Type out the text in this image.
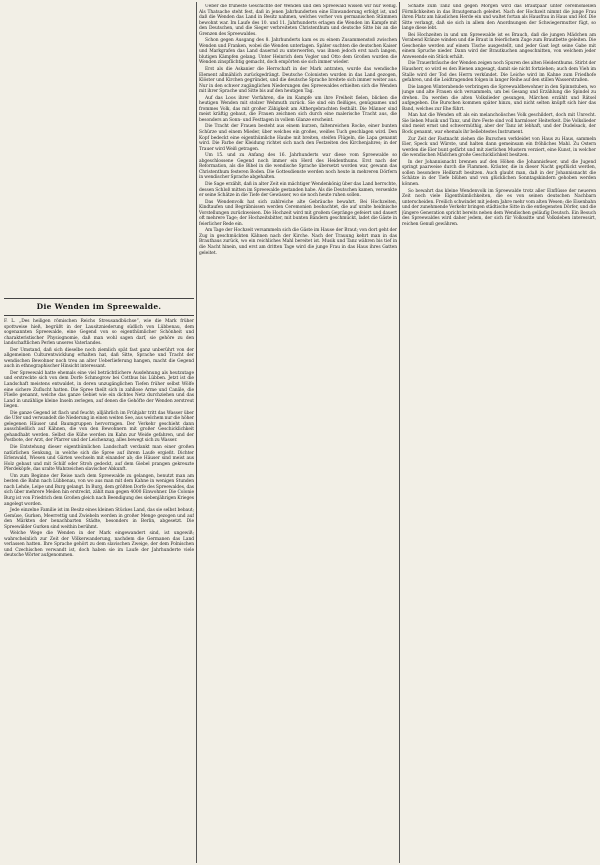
Die Wenden im Spreewalde.

F. L. „Des heiligen römischen Reichs Streusandbüchse“, wie die Mark früher spottweise hieß, begrüßt in der Lausitzniederung südlich von Lübbenau, dem sogenannten Spreewalde, eine Gegend von so eigenthümlicher Schönheit und charakteristischer Physiognomie, daß man wohl sagen darf, sie gehöre zu den landschaftlichen Perlen unseres Vaterlandes.

Der Umstand, daß sich dieselbe noch ziemlich spät fast ganz unberührt von der allgemeinen Culturentwicklung erhalten hat, daß Sitte, Sprache und Tracht der wendischen Bewohner noch treu an alter Ueberlieferung hangen, macht die Gegend auch in ethnographischer Hinsicht interessant.

Der Spreewald hatte ehemals eine viel beträchtlichere Ausdehnung als heutzutage und erstreckte sich von dem Dorfe Schmogrow bei Cottbus bis Lübben. Jetzt ist die Landschaft meistens entwaldet, in deren unzugänglichen Tiefen früher selbst Wölfe eine sichere Zuflucht hatten. Die Spree theilt sich in zahllose Arme und Canäle, die Fließe genannt, welche das ganze Gebiet wie ein dichtes Netz durchziehen und das Land in unzählige kleine Inseln zerlegen, auf denen die Gehöfte der Wenden zerstreut liegen.

Die ganze Gegend ist flach und feucht; alljährlich im Frühjahr tritt das Wasser über die Ufer und verwandelt die Niederung in einen weiten See, aus welchem nur die höher gelegenen Häuser und Baumgruppen hervorragen. Der Verkehr geschieht dann ausschließlich auf Kähnen, die von den Bewohnern mit großer Geschicklichkeit gehandhabt werden. Selbst die Kühe werden im Kahn zur Weide gefahren, und der Postbote, der Arzt, der Pfarrer und der Leichenzug, alles bewegt sich zu Wasser.

Die Entstehung dieser eigenthümlichen Landschaft verdankt man einer großen natürlichen Senkung, in welche sich die Spree auf ihrem Laufe ergießt. Dichter Erlenwald, Wiesen und Gärten wechseln mit einander ab; die Häuser sind meist aus Holz gebaut und mit Schilf oder Stroh gedeckt, auf dem Giebel prangen gekreuzte Pferdeköpfe, das uralte Wahrzeichen slavischer Abkunft.

Um zum Beginne der Reise nach dem Spreewalde zu gelangen, benutzt man am besten die Bahn nach Lübbenau, von wo aus man mit dem Kahne in wenigen Stunden nach Lehde, Leipe und Burg gelangt. In Burg, dem größten Dorfe des Spreewaldes, das sich über mehrere Meilen hin erstreckt, zählt man gegen 4000 Einwohner. Die Colonie Burg ist von Friedrich dem Großen gleich nach Beendigung des siebenjährigen Krieges angelegt worden.

Jede einzelne Familie ist im Besitz eines kleinen Stückes Land, das sie selbst bebaut; Gemüse, Gurken, Meerrettig und Zwiebeln werden in großer Menge gezogen und auf den Märkten der benachbarten Städte, besonders in Berlin, abgesetzt. Die Spreewälder Gurken sind weithin berühmt.

Welche Wege die Wenden in der Mark eingewandert sind, ist ungewiß; wahrscheinlich zur Zeit der Völkerwanderung, nachdem die Germanen das Land verlassen hatten. Ihre Sprache gehört zu dem slavischen Zweige, der dem Polnischen und Czechischen verwandt ist, doch haben sie im Laufe der Jahrhunderte viele deutsche Wörter aufgenommen.

Ueber die früheste Geschichte der Wenden und den Spreewald wissen wir nur wenig. Als Thatsache steht fest, daß in jenen Jahrhunderten eine Einwanderung erfolgt ist, und daß die Wenden das Land in Besitz nahmen, welches vorher von germanischen Stämmen bewohnt war. Im Laufe des 10. und 11. Jahrhunderts erlagen die Wenden im Kampfe mit den Deutschen, und die Sieger verbreiteten Christenthum und deutsche Sitte bis an die Grenzen des Spreewaldes.

Schon gegen Ausgang des 8. Jahrhunderts kam es zu einem Zusammenstoß zwischen Wenden und Franken, wobei die Wenden unterlagen. Später suchten die deutschen Kaiser und Markgrafen das Land dauernd zu unterwerfen, was ihnen jedoch erst nach langen, blutigen Kämpfen gelang. Unter Heinrich dem Vogler und Otto dem Großen wurden die Wenden zinspflichtig gemacht, doch empörten sie sich immer wieder.

Erst als die Askanier die Herrschaft in der Mark antraten, wurde das wendische Element allmählich zurückgedrängt. Deutsche Colonisten wurden in das Land gezogen, Klöster und Kirchen gegründet, und die deutsche Sprache breitete sich immer weiter aus. Nur in den schwer zugänglichen Niederungen des Spreewaldes erhielten sich die Wenden mit ihrer Sprache und Sitte bis auf den heutigen Tag.

Auf das Loos ihrer Vorfahren, die im Kampfe um ihre Freiheit fielen, blicken die heutigen Wenden mit stolzer Wehmuth zurück. Sie sind ein fleißiges, genügsames und frommes Volk, das mit großer Zähigkeit am Althergebrachten festhält. Die Männer sind meist kräftig gebaut, die Frauen zeichnen sich durch eine malerische Tracht aus, die besonders an Sonn- und Festtagen in vollem Glanze erscheint.

Die Tracht der Frauen besteht aus einem kurzen, faltenreichen Rocke, einer bunten Schürze und einem Mieder, über welches ein großes, weißes Tuch geschlagen wird. Den Kopf bedeckt eine eigenthümliche Haube mit breiten, steifen Flügeln, die Lapa genannt wird. Die Farbe der Kleidung richtet sich nach den Festzeiten des Kirchenjahres; in der Trauer wird Weiß getragen.

Um 15. und zu Anfang des 16. Jahrhunderts war diese vom Spreewalde so abgeschlossene Gegend noch immer ein Herd des Heidenthums. Erst nach der Reformation, als die Bibel in die wendische Sprache übersetzt worden war, gewann das Christenthum festeren Boden. Die Gottesdienste werden noch heute in mehreren Dörfern in wendischer Sprache abgehalten.

Die Sage erzählt, daß in alter Zeit ein mächtiger Wendenkönig über das Land herrschte, dessen Schloß mitten im Spreewalde gestanden habe. Als die Deutschen kamen, versenkte er seine Schätze in die Tiefe der Gewässer, wo sie noch heute ruhen sollen.

Das Wendenvolk hat sich zahlreiche alte Gebräuche bewahrt. Bei Hochzeiten, Kindtaufen und Begräbnissen werden Ceremonien beobachtet, die auf uralte heidnische Vorstellungen zurückweisen. Die Hochzeit wird mit großem Gepränge gefeiert und dauert oft mehrere Tage; der Hochzeitsbitter, mit bunten Bändern geschmückt, ladet die Gäste in feierlicher Rede ein.

Am Tage der Hochzeit versammeln sich die Gäste im Hause der Braut; von dort geht der Zug in geschmückten Kähnen nach der Kirche. Nach der Trauung kehrt man in das Brauthaus zurück, wo ein reichliches Mahl bereitet ist. Musik und Tanz währen bis tief in die Nacht hinein, und erst am dritten Tage wird die junge Frau in das Haus ihres Gatten geleitet.

Schalte zum Tanz und gegen Morgen wird das Brautpaar unter ceremoniellen Förmlichkeiten in das Brautgemach geleitet. Nach der Hochzeit nimmt die junge Frau ihren Platz am häuslichen Herde ein und waltet fortan als Hausfrau in Haus und Hof. Die Sitte verlangt, daß sie sich in allem den Anordnungen der Schwiegermutter fügt, so lange diese lebt.

Bei Hochzeiten in und um Spreewalde ist es Brauch, daß die jungen Mädchen am Vorabend Kränze winden und die Braut in feierlichem Zuge zum Brautbette geleiten. Die Geschenke werden auf einem Tische ausgestellt, und jeder Gast legt seine Gabe mit einem Spruche nieder. Dann wird der Brautkuchen angeschnitten, von welchem jeder Anwesende ein Stück erhält.

Die Trauerbräuche der Wenden zeigen noch Spuren des alten Heidenthums. Stirbt der Hausherr, so wird es den Bienen angesagt, damit sie nicht fortziehen; auch dem Vieh im Stalle wird der Tod des Herrn verkündet. Die Leiche wird im Kahne zum Friedhofe gefahren, und die Leidtragenden folgen in langer Reihe auf den stillen Wasserstraßen.

Die langen Winterabende verbringen die Spreewaldbewohner in den Spinnstuben, wo junge und alte Frauen sich versammeln, um bei Gesang und Erzählung die Spindel zu drehen. Da werden die alten Volkslieder gesungen, Märchen erzählt und Rätsel aufgegeben. Die Burschen kommen später hinzu, und nicht selten knüpft sich hier das Band, welches zur Ehe führt.

Man hat die Wenden oft als ein melancholisches Volk geschildert, doch mit Unrecht. Sie lieben Musik und Tanz, und ihre Feste sind voll harmloser Heiterkeit. Die Volkslieder sind meist ernst und schwermüthig, aber der Tanz ist lebhaft, und der Dudelsack, der Bock genannt, war ehemals ihr beliebtestes Instrument.

Zur Zeit der Fastnacht ziehen die Burschen verkleidet von Haus zu Haus, sammeln Eier, Speck und Würste, und halten dann gemeinsam ein fröhliches Mahl. Zu Ostern werden die Eier bunt gefärbt und mit zierlichen Mustern verziert, eine Kunst, in welcher die wendischen Mädchen große Geschicklichkeit besitzen.

In der Johannisnacht brennen auf den Höhen die Johannisfeuer, und die Jugend springt paarweise durch die Flammen. Kräuter, die in dieser Nacht gepflückt werden, sollen besondere Heilkraft besitzen. Auch glaubt man, daß in der Johannisnacht die Schätze in der Tiefe blühen und von glücklichen Sonntagskindern gehoben werden können.

So bewahrt das kleine Wendenvolk im Spreewalde trotz aller Einflüsse der neueren Zeit noch viele Eigenthümlichkeiten, die es von seinen deutschen Nachbarn unterscheiden. Freilich schwindet mit jedem Jahre mehr vom alten Wesen; die Eisenbahn und der zunehmende Verkehr bringen städtische Sitte in die entlegensten Dörfer, und die jüngere Generation spricht bereits neben dem Wendischen geläufig Deutsch. Ein Besuch des Spreewaldes wird daher jedem, der sich für Volkssitte und Volksleben interessirt, reichen Genuß gewähren.
